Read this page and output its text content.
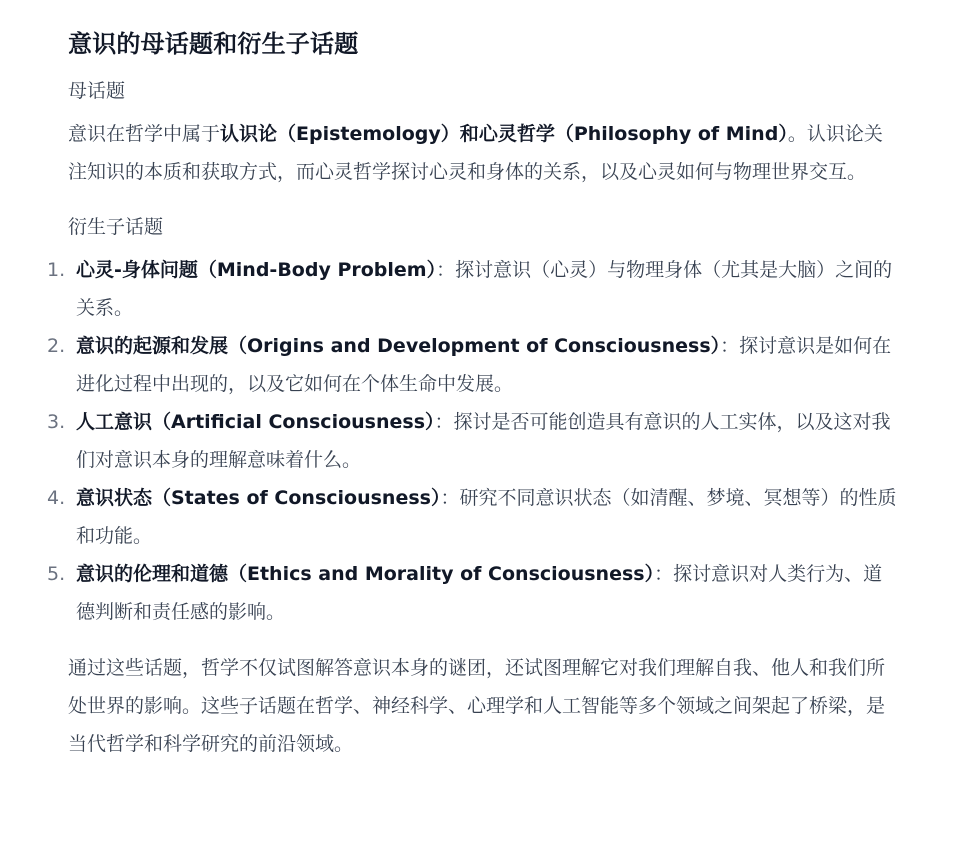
意识的母话题和衍生子话题
母话题

意识在哲学中属于认识论（Epistemology）和心灵哲学（Philosophy of Mind）。认识论关注知识的本质和获取方式，而心灵哲学探讨心灵和身体的关系，以及心灵如何与物理世界交互。

衍生子话题
1. 心灵-身体问题（Mind-Body Problem）：探讨意识（心灵）与物理身体（尤其是大脑）之间的关系。
2. 意识的起源和发展（Origins and Development of Consciousness）：探讨意识是如何在进化过程中出现的，以及它如何在个体生命中发展。
3. 人工意识（Artificial Consciousness）：探讨是否可能创造具有意识的人工实体，以及这对我们对意识本身的理解意味着什么。
4. 意识状态（States of Consciousness）：研究不同意识状态（如清醒、梦境、冥想等）的性质和功能。
5. 意识的伦理和道德（Ethics and Morality of Consciousness）：探讨意识对人类行为、道德判断和责任感的影响。

通过这些话题，哲学不仅试图解答意识本身的谜团，还试图理解它对我们理解自我、他人和我们所处世界的影响。这些子话题在哲学、神经科学、心理学和人工智能等多个领域之间架起了桥梁，是当代哲学和科学研究的前沿领域。
